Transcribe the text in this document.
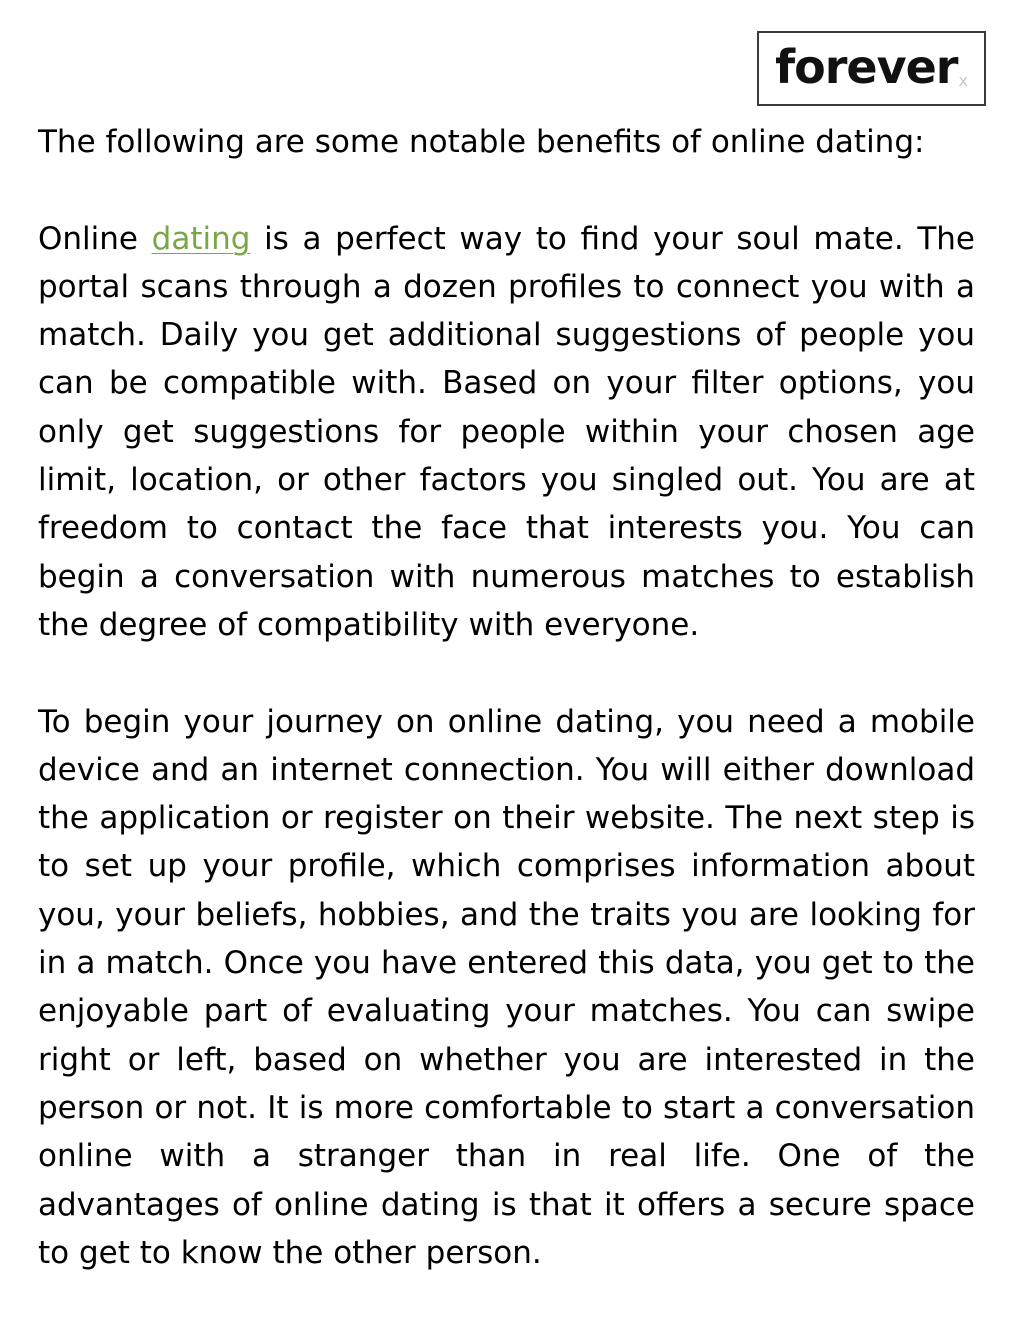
forever x

The following are some notable benefits of online dating:

Online dating is a perfect way to find your soul mate. The portal scans through a dozen profiles to connect you with a match. Daily you get additional suggestions of people you can be compatible with. Based on your filter options, you only get suggestions for people within your chosen age limit, location, or other factors you singled out. You are at freedom to contact the face that interests you. You can begin a conversation with numerous matches to establish the degree of compatibility with everyone.

To begin your journey on online dating, you need a mobile device and an internet connection. You will either download the application or register on their website. The next step is to set up your profile, which comprises information about you, your beliefs, hobbies, and the traits you are looking for in a match. Once you have entered this data, you get to the enjoyable part of evaluating your matches. You can swipe right or left, based on whether you are interested in the person or not. It is more comfortable to start a conversation online with a stranger than in real life. One of the advantages of online dating is that it offers a secure space to get to know the other person.
